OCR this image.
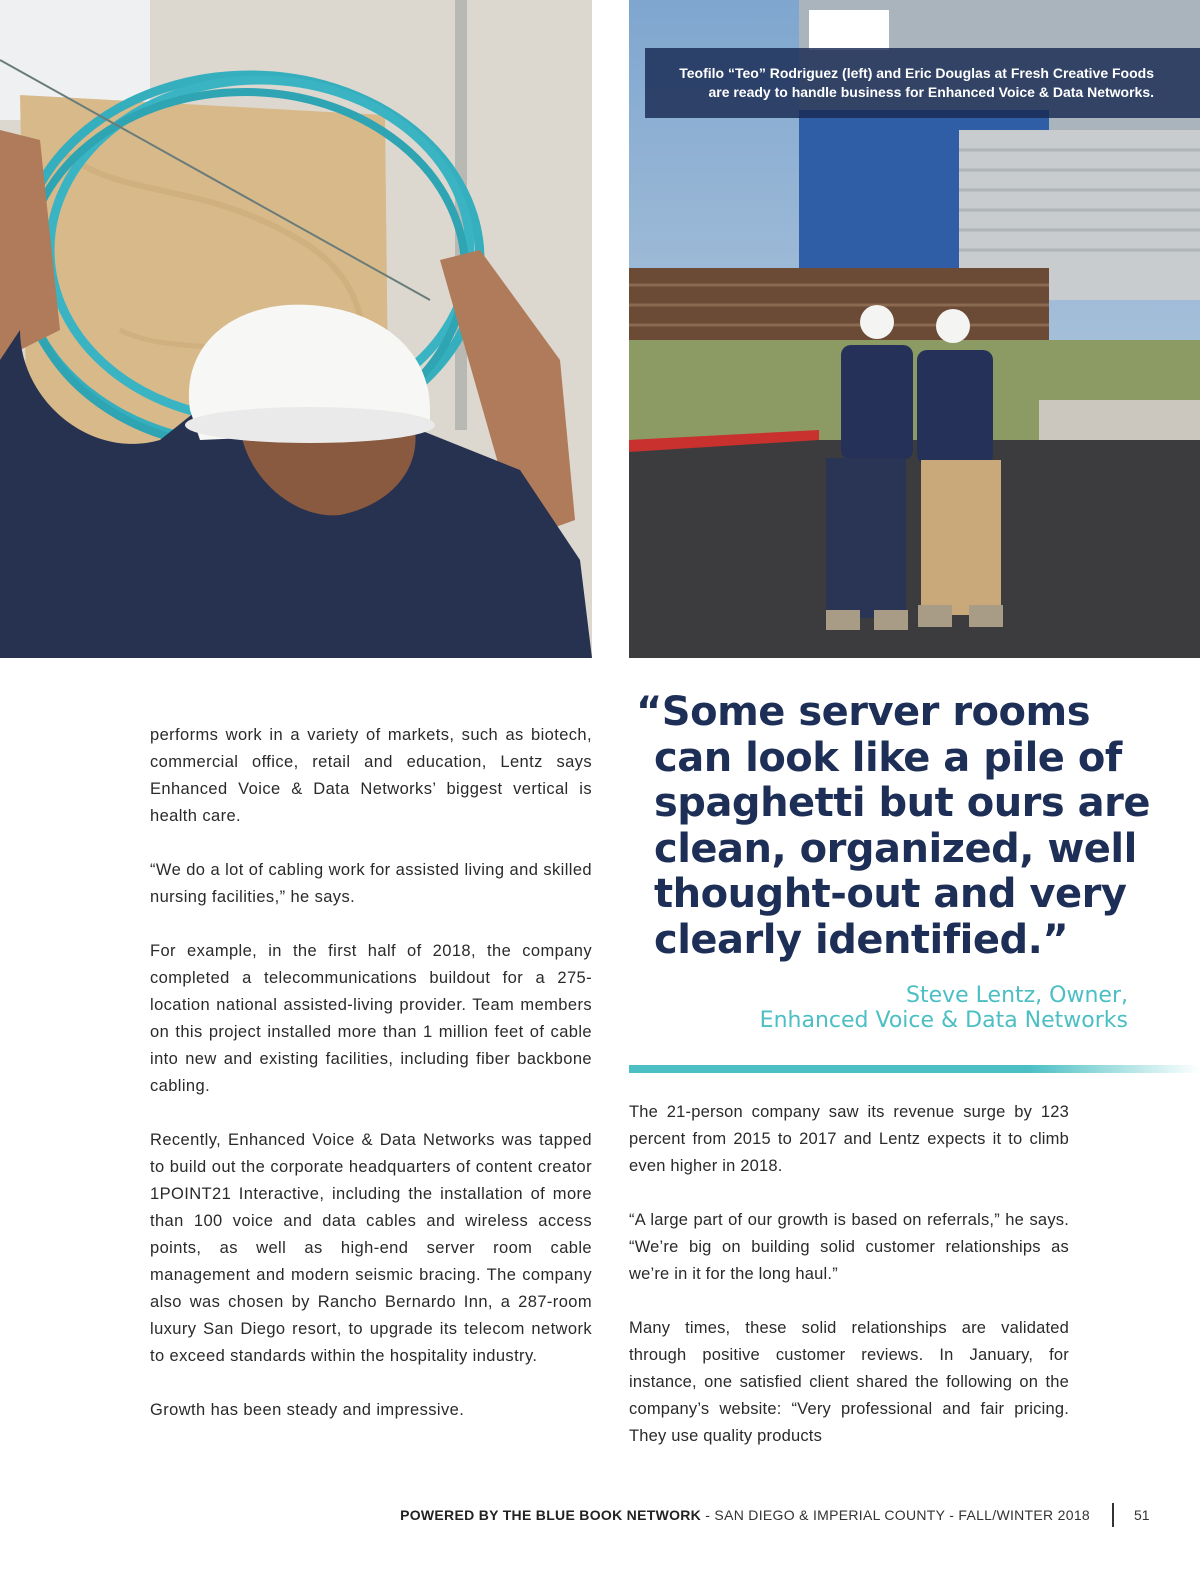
Teofilo “Teo” Rodriguez (left) and Eric Douglas at Fresh Creative Foods
are ready to handle business for Enhanced Voice & Data Networks.

performs work in a variety of markets, such as biotech, commercial office, retail and education, Lentz says Enhanced Voice & Data Networks’ biggest vertical is health care.

“We do a lot of cabling work for assisted living and skilled nursing facilities,” he says.

For example, in the first half of 2018, the company completed a telecommunications buildout for a 275-location national assisted-living provider. Team members on this project installed more than 1 million feet of cable into new and existing facilities, including fiber backbone cabling.

Recently, Enhanced Voice & Data Networks was tapped to build out the corporate headquarters of content creator 1POINT21 Interactive, including the installation of more than 100 voice and data cables and wireless access points, as well as high-end server room cable management and modern seismic bracing. The company also was chosen by Rancho Bernardo Inn, a 287-room luxury San Diego resort, to upgrade its telecom network to exceed standards within the hospitality industry.

Growth has been steady and impressive.

“Some server rooms can look like a pile of spaghetti but ours are clean, organized, well thought-out and very clearly identified.”

Steve Lentz, Owner,
Enhanced Voice & Data Networks

The 21-person company saw its revenue surge by 123 percent from 2015 to 2017 and Lentz expects it to climb even higher in 2018.

“A large part of our growth is based on referrals,” he says. “We’re big on building solid customer relationships as we’re in it for the long haul.”

Many times, these solid relationships are validated through positive customer reviews. In January, for instance, one satisfied client shared the following on the company’s website: “Very professional and fair pricing. They use quality products

POWERED BY THE BLUE BOOK NETWORK - SAN DIEGO & IMPERIAL COUNTY - FALL/WINTER 2018	51
